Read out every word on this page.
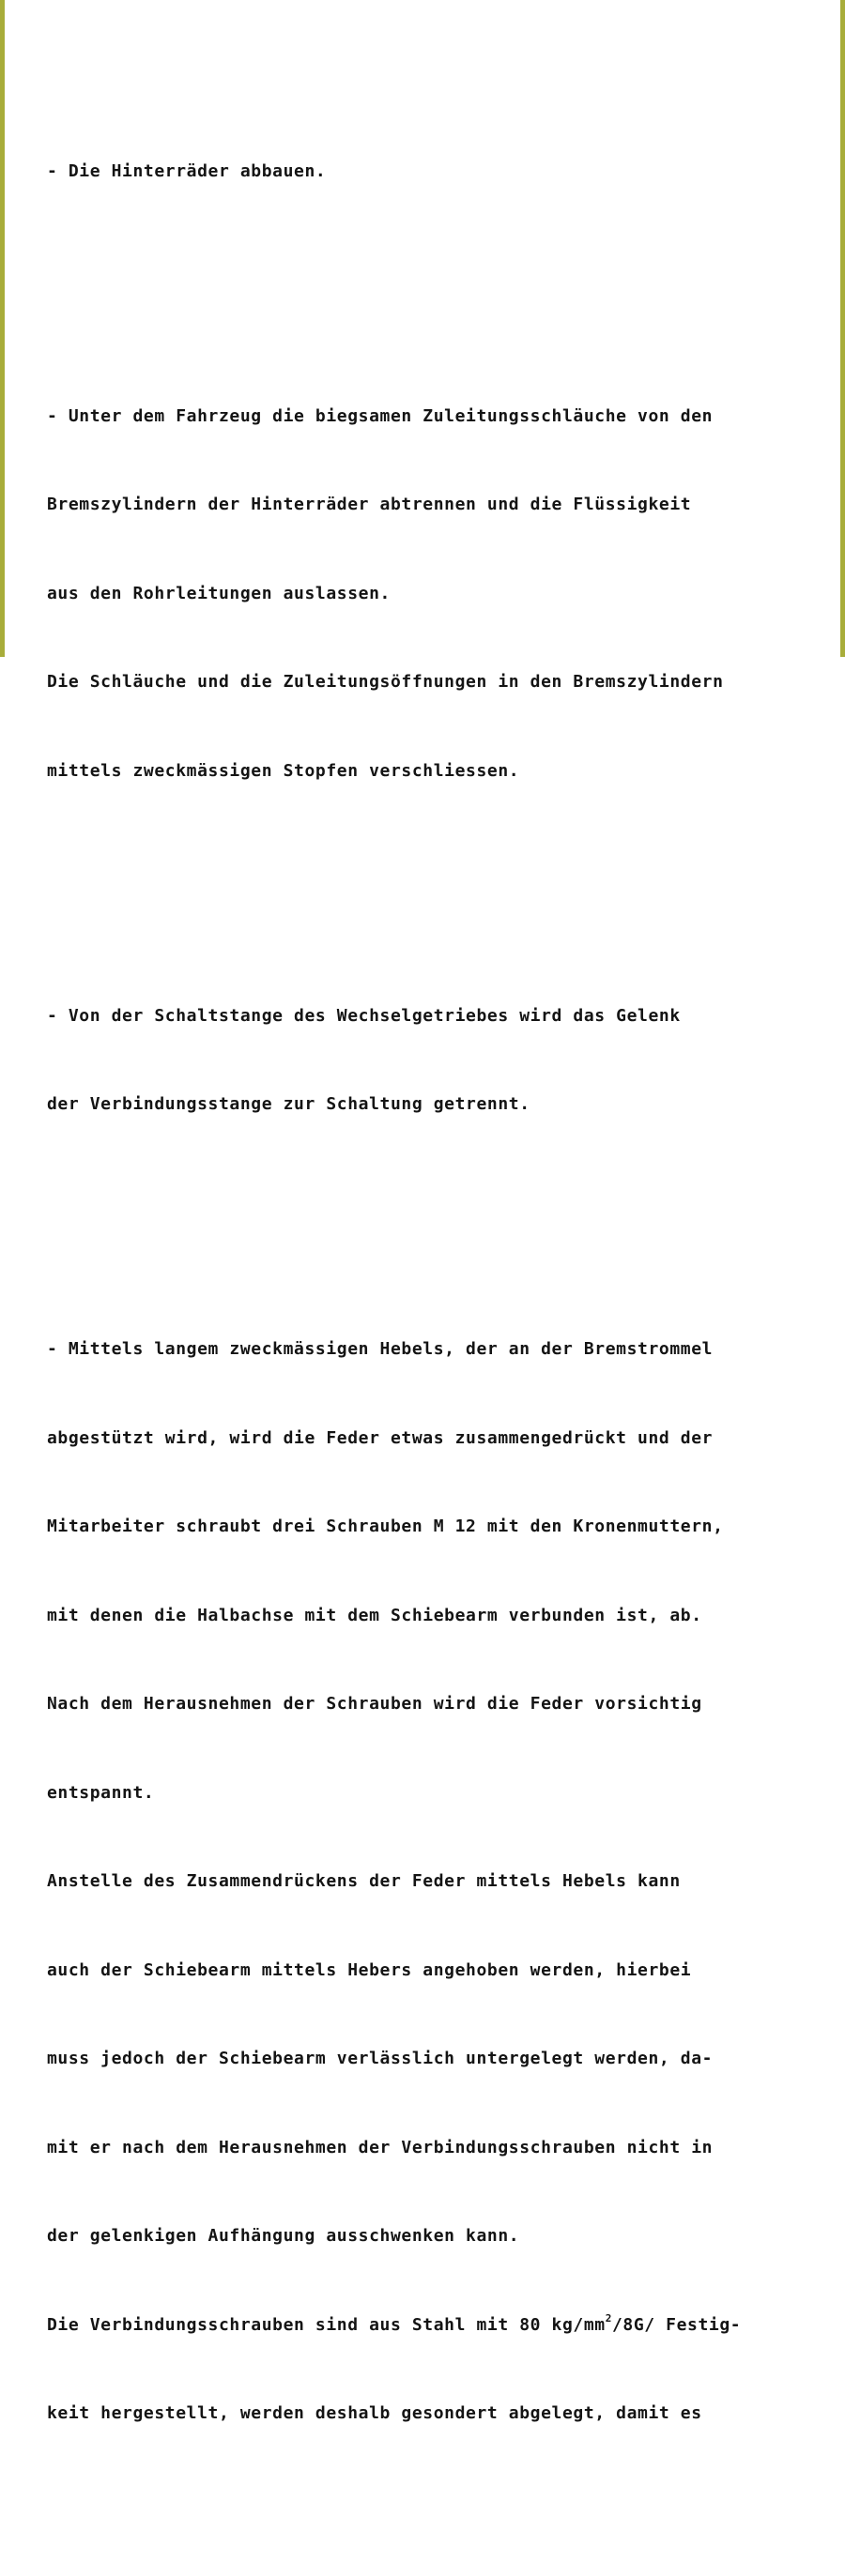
- Die Hinterräder abbauen.

- Unter dem Fahrzeug die biegsamen Zuleitungsschläuche von den

Bremszylindern der Hinterräder abtrennen und die Flüssigkeit

aus den Rohrleitungen auslassen.

Die Schläuche und die Zuleitungsöffnungen in den Bremszylindern

mittels zweckmässigen Stopfen verschliessen.

- Von der Schaltstange des Wechselgetriebes wird das Gelenk

der Verbindungsstange zur Schaltung getrennt.

- Mittels langem zweckmässigen Hebels, der an der Bremstrommel

abgestützt wird, wird die Feder etwas zusammengedrückt und der

Mitarbeiter schraubt drei Schrauben M 12 mit den Kronenmuttern,

mit denen die Halbachse mit dem Schiebearm verbunden ist, ab.

Nach dem Herausnehmen der Schrauben wird die Feder vorsichtig

entspannt.

Anstelle des Zusammendrückens der Feder mittels Hebels kann

auch der Schiebearm mittels Hebers angehoben werden, hierbei

muss jedoch der Schiebearm verlässlich untergelegt werden, da-

mit er nach dem Herausnehmen der Verbindungsschrauben nicht in

der gelenkigen Aufhängung ausschwenken kann.

Die Verbindungsschrauben sind aus Stahl mit 80 $kg/mm^2/8G/$ Festig-

keit hergestellt, werden deshalb gesondert abgelegt, damit es
